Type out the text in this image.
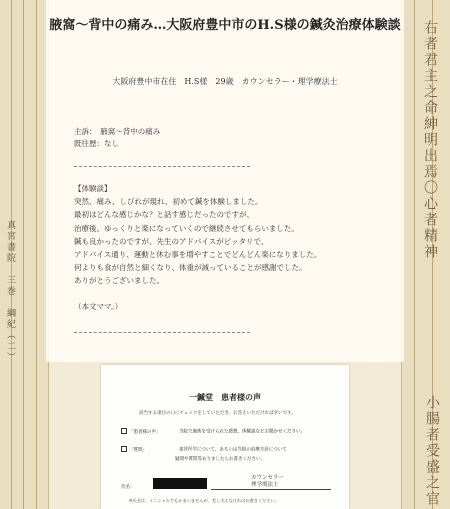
真宮書院　三巻　綱紀（二）
右者君主之命紳明出焉〇心者精神
小腸者受盛之官
腋窩〜背中の痛み…大阪府豊中市のH.S様の鍼灸治療体験談
大阪府豊中市在住　H.S様　29歳　カウンセラー・理学療法士
主訴：　腋窩〜背中の痛み
既往歴：なし
【体験談】
突然、痛み、しびれが現れ、初めて鍼を体験しました。
最初はどんな感じかな？と話す感じだったのですが、
治療後、ゆっくりと楽になっていくので継続させてもらいました。
鍼も良かったのですが、先生のアドバイスがピッタリで、
アドバイス通り、運動と休む事を増やすことでどんどん楽になりました。
何よりも食が自然と細くなり、体重が減っていることが感謝でした。
ありがとうございました。
（本文ママ。）
一鍼堂　患者様の声
該当する項目の口にチェックをしていただき、お答えいただければ幸いです。
「患者様の声」	当院で施術を受けられた感想、体験談などお聞かせください。
「質問」	東洋医学について、あるいは当院の治療方針について
疑問や質問等ありましたらお書きください。
氏名：
カウンセラー
理学療法士
※氏名は、イニシャルでもかまいませんが、差し支えなければお書きください。
